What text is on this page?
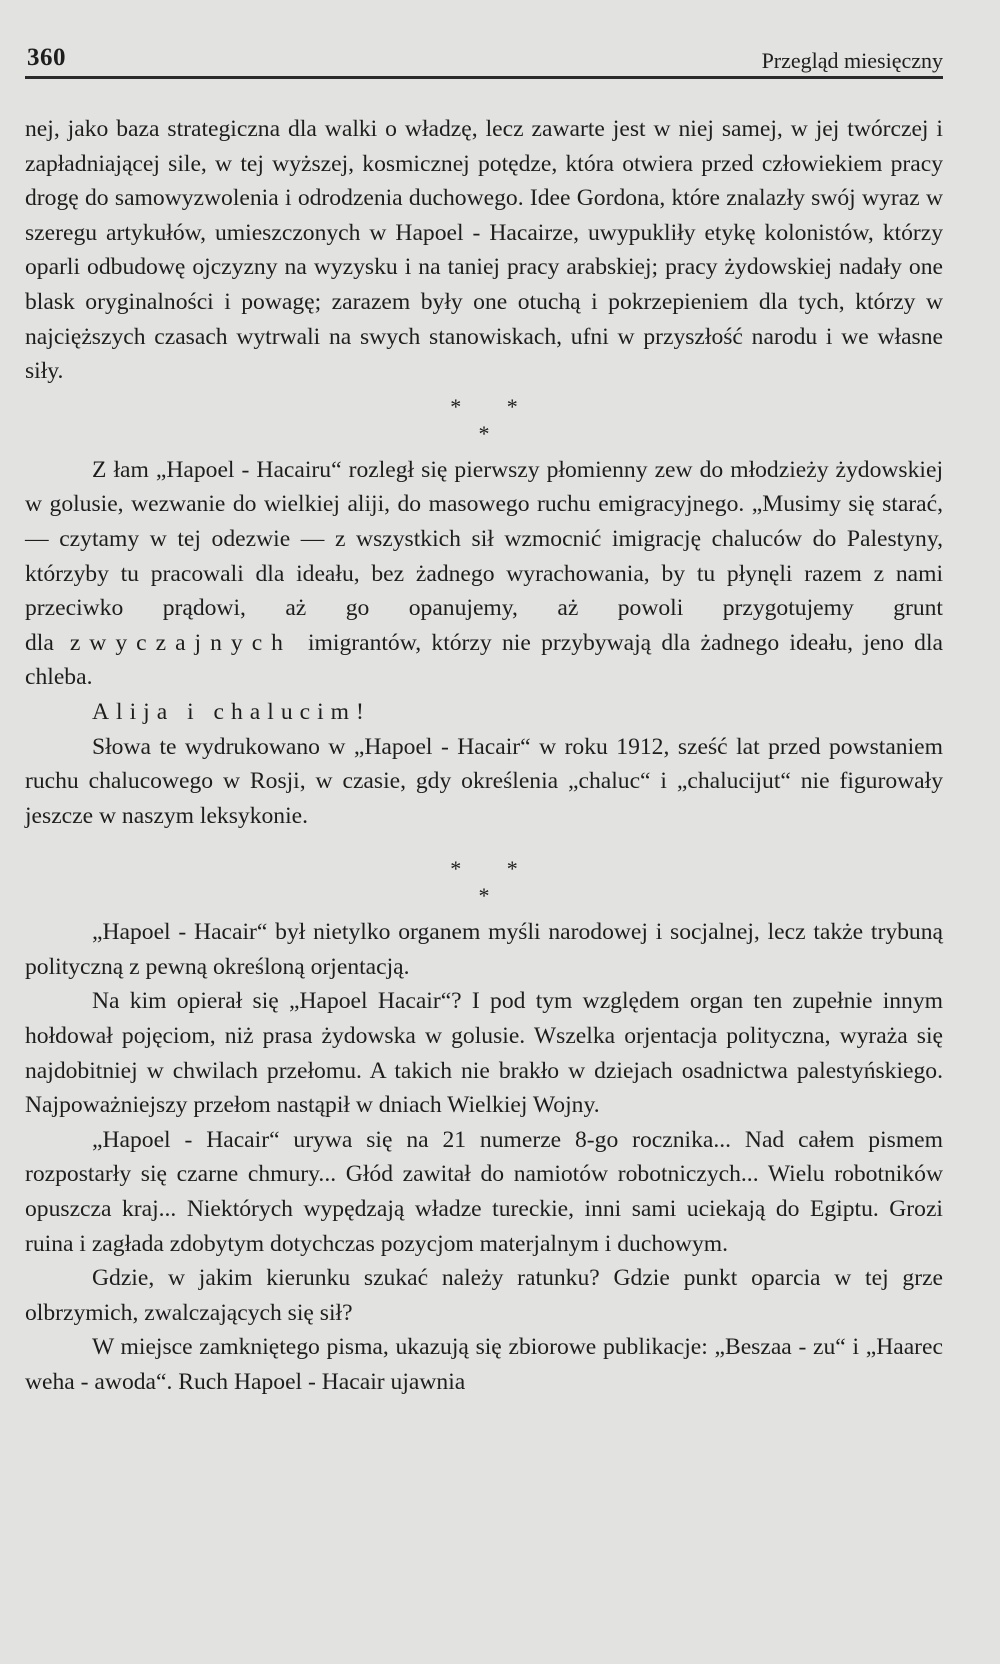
360	Przegląd miesięczny

nej, jako baza strategiczna dla walki o władzę, lecz zawarte jest w niej samej, w jej twórczej i zapładniającej sile, w tej wyższej, kosmicznej potędze, która otwiera przed człowiekiem pracy drogę do samowyzwolenia i odrodzenia duchowego. Idee Gordona, które znalazły swój wyraz w szeregu artykułów, umieszczonych w Hapoel - Hacairze, uwypukliły etykę kolonistów, którzy oparli odbudowę ojczyzny na wyzysku i na taniej pracy arabskiej; pracy żydowskiej nadały one blask oryginalności i powagę; zarazem były one otuchą i pokrzepieniem dla tych, którzy w najcięższych czasach wytrwali na swych stanowiskach, ufni w przyszłość narodu i we własne siły.

* *
*

Z łam „Hapoel - Hacairu“ rozległ się pierwszy płomienny zew do młodzieży żydowskiej w golusie, wezwanie do wielkiej aliji, do masowego ruchu emigracyjnego. „Musimy się starać, — czytamy w tej odezwie — z wszystkich sił wzmocnić imigrację chaluców do Palestyny, którzyby tu pracowali dla ideału, bez żadnego wyrachowania, by tu płynęli razem z nami przeciwko prądowi, aż go opanujemy, aż powoli przygotujemy grunt dla zwyczajnych imigrantów, którzy nie przybywają dla żadnego ideału, jeno dla chleba.

Alija i chalucim!

Słowa te wydrukowano w „Hapoel - Hacair“ w roku 1912, sześć lat przed powstaniem ruchu chalucowego w Rosji, w czasie, gdy określenia „chaluc“ i „chalucijut“ nie figurowały jeszcze w naszym leksykonie.

* *
*

„Hapoel - Hacair“ był nietylko organem myśli narodowej i socjalnej, lecz także trybuną polityczną z pewną określoną orjentacją.

Na kim opierał się „Hapoel Hacair“? I pod tym względem organ ten zupełnie innym hołdował pojęciom, niż prasa żydowska w golusie. Wszelka orjentacja polityczna, wyraża się najdobitniej w chwilach przełomu. A takich nie brakło w dziejach osadnictwa palestyńskiego. Najpoważniejszy przełom nastąpił w dniach Wielkiej Wojny.

„Hapoel - Hacair“ urywa się na 21 numerze 8-go rocznika... Nad całem pismem rozpostarły się czarne chmury... Głód zawitał do namiotów robotniczych... Wielu robotników opuszcza kraj... Niektórych wypędzają władze tureckie, inni sami uciekają do Egiptu. Grozi ruina i zagłada zdobytym dotychczas pozycjom materjalnym i duchowym.

Gdzie, w jakim kierunku szukać należy ratunku? Gdzie punkt oparcia w tej grze olbrzymich, zwalczających się sił?

W miejsce zamkniętego pisma, ukazują się zbiorowe publikacje: „Beszaa - zu“ i „Haarec weha - awoda“. Ruch Hapoel - Hacair ujawnia
